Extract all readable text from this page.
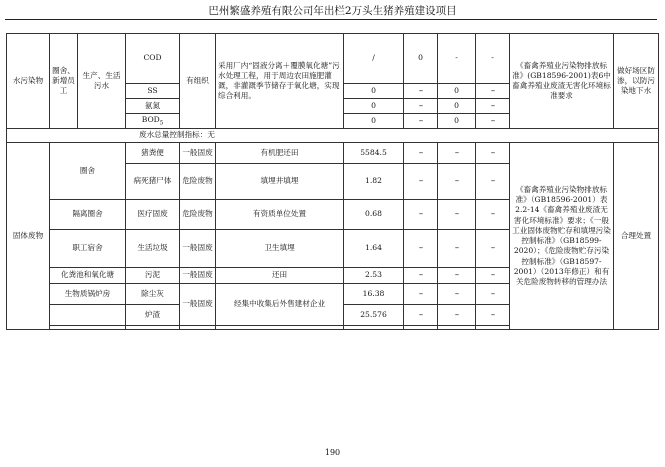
巴州繁盛养殖有限公司年出栏2万头生猪养殖建设项目
水污染物	圈舍、新增员工	生产、生活污水	COD	有组织	采用厂内“固液分离＋覆膜氧化塘”污水处理工程，用于周边农田施肥灌溉，非灌溉季节储存于氧化塘，实现综合利用。	/	0	-	-	《畜禽养殖业污染物排放标准》(GB18596-2001)表6中畜禽养殖业废渣无害化环境标准要求	做好场区防渗，以防污染地下水
			SS			0	--	0	--		
			氨氮			0	--	0	--		
			$BOD_5$			0	--	0	--		
废水总量控制指标：无											
固体废物	圈舍		猪粪便	一般固废	有机肥还田	5584.5	--	--	--	《畜禽养殖业污染物排放标准》（GB18596-2001）表2.2-14《畜禽养殖业废渣无害化环境标准》要求；《一般工业固体废物贮存和填埋污染控制标准》（GB18599-2020）；《危险废物贮存污染控制标准》（GB18597-2001）（2013年修正）和有关危险废物转移的管理办法	合理处置
			病死猪尸体	危险废物	填埋井填埋	1.82	--	--	--		
	隔离圈舍		医疗固废	危险废物	有资质单位处置	0.68	--	--	--		
	职工宿舍		生活垃圾	一般固废	卫生填埋	1.64	--	--	--		
	化粪池和氧化塘		污泥	一般固废	还田	2.53	--	--	--		
	生物质锅炉房		除尘灰	一般固废	经集中收集后外售建材企业	16.38	--	--	--		
			炉渣			25.576	--	--	--		

190
